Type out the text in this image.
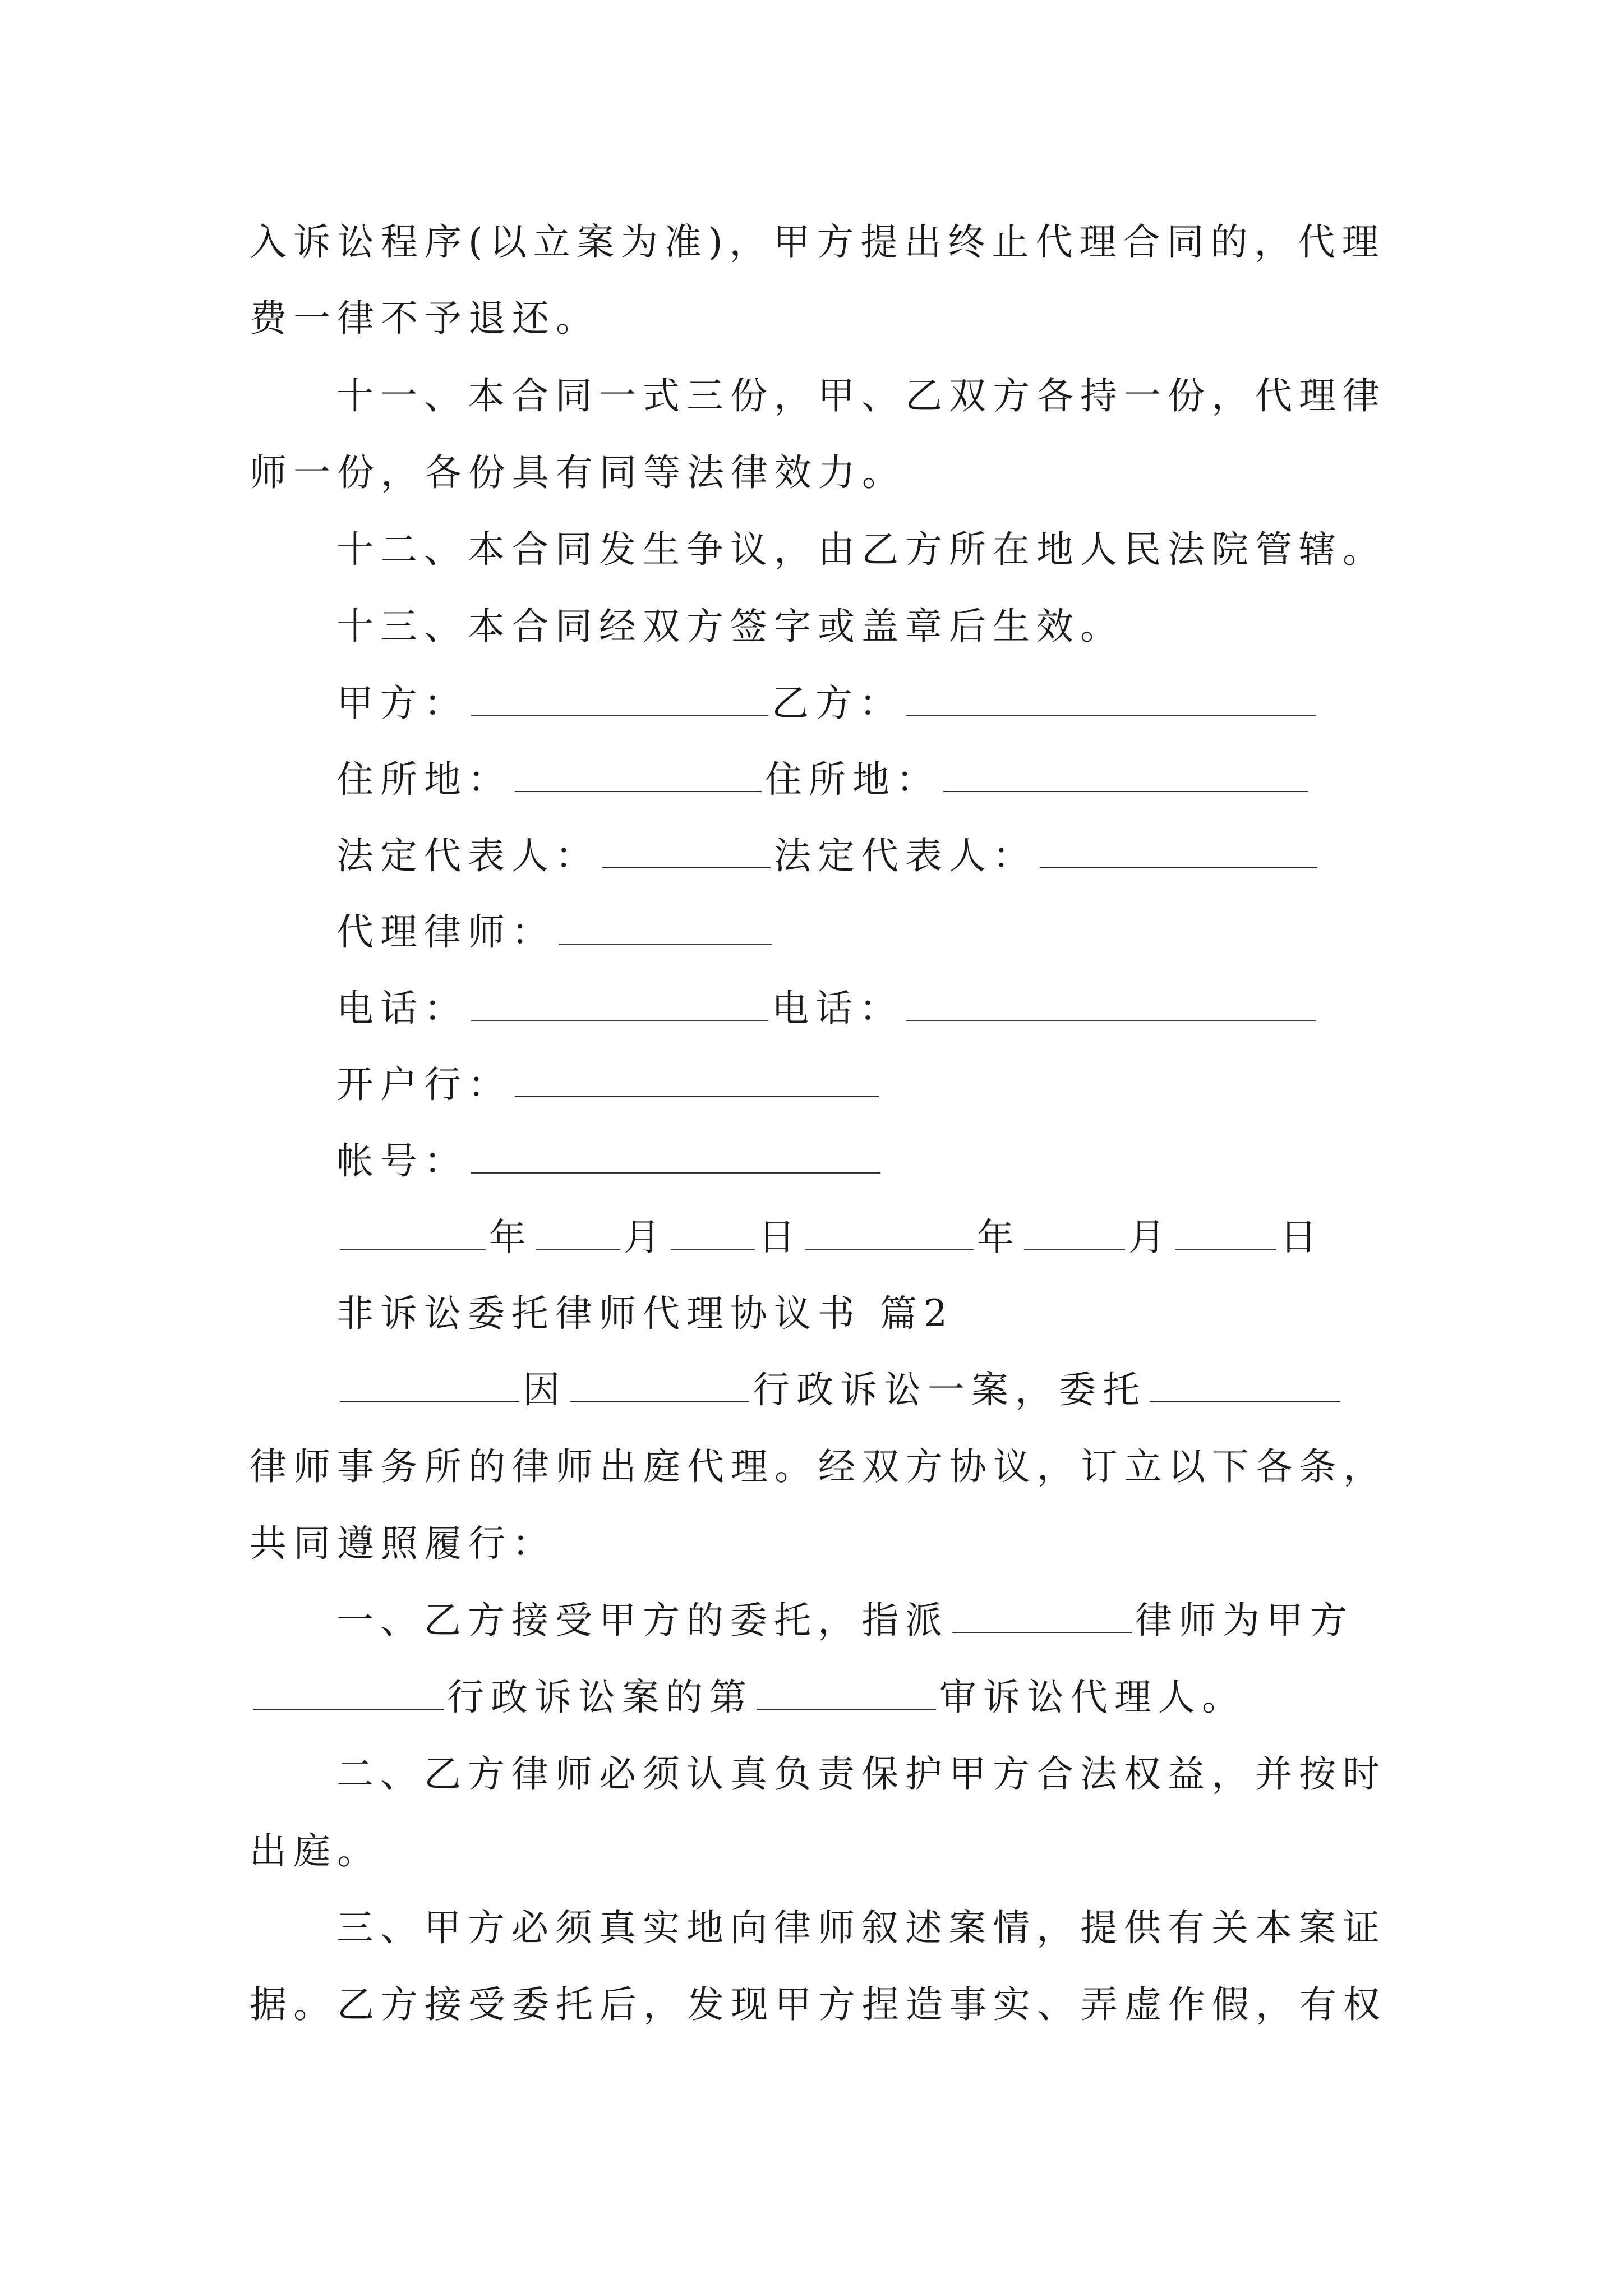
入诉讼程序(以立案为准)，甲方提出终止代理合同的，代理
费一律不予退还。
十一、本合同一式三份，甲、乙双方各持一份，代理律
师一份，各份具有同等法律效力。
十二、本合同发生争议，由乙方所在地人民法院管辖。
十三、本合同经双方签字或盖章后生效。
甲方：	乙方：
住所地：	住所地：
法定代表人：	法定代表人：
代理律师：
电话：	电话：
开户行：
帐号：
年 月 日	年	月	日
非诉讼委托律师代理协议书 篇2
因	行政诉讼一案，委托
律师事务所的律师出庭代理。经双方协议，订立以下各条，
共同遵照履行：
一、乙方接受甲方的委托，指派	律师为甲方
行政诉讼案的第	审诉讼代理人。
二、乙方律师必须认真负责保护甲方合法权益，并按时
出庭。
三、甲方必须真实地向律师叙述案情，提供有关本案证
据。乙方接受委托后，发现甲方捏造事实、弄虚作假，有权
